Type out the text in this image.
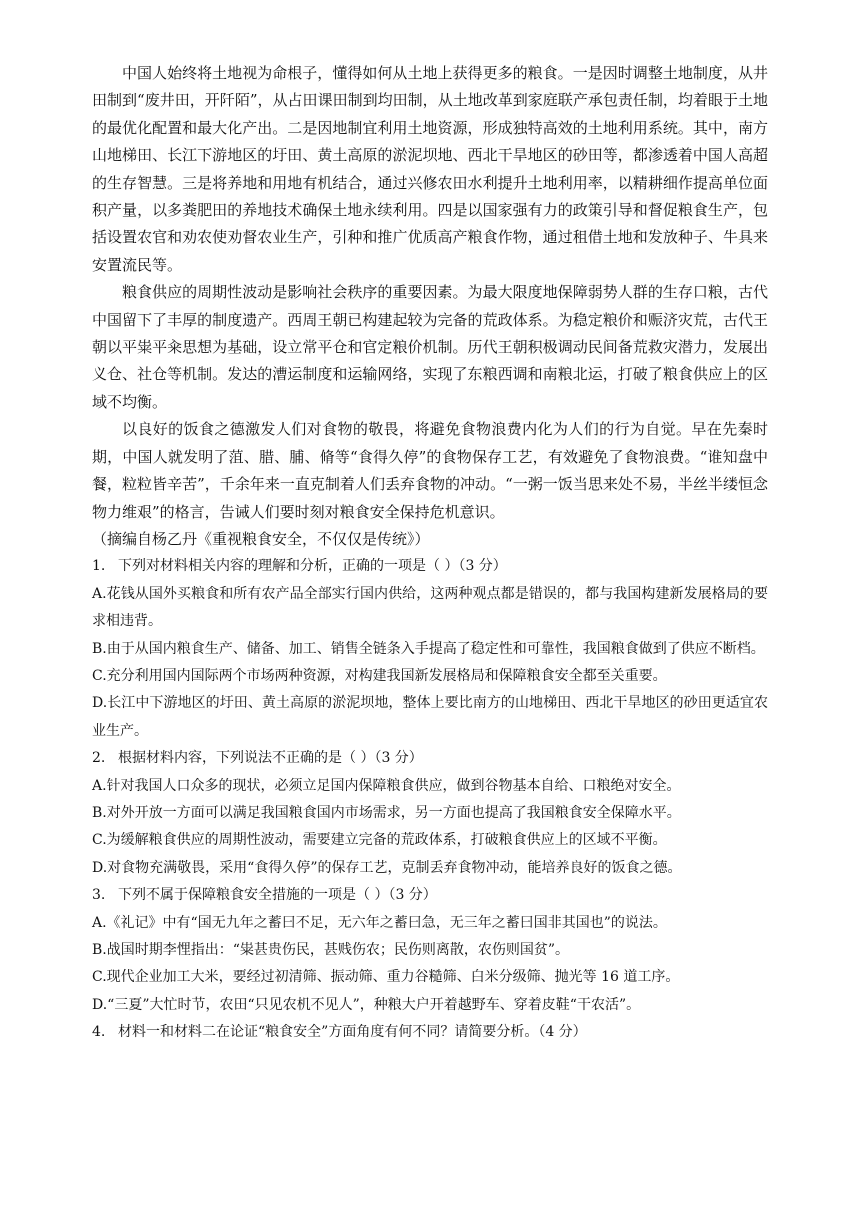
中国人始终将土地视为命根子，懂得如何从土地上获得更多的粮食。一是因时调整土地制度，从井田制到“废井田，开阡陌”，从占田课田制到均田制，从土地改革到家庭联产承包责任制，均着眼于土地的最优化配置和最大化产出。二是因地制宜利用土地资源，形成独特高效的土地利用系统。其中，南方山地梯田、长江下游地区的圩田、黄土高原的淤泥坝地、西北干旱地区的砂田等，都渗透着中国人高超的生存智慧。三是将养地和用地有机结合，通过兴修农田水利提升土地利用率，以精耕细作提高单位面积产量，以多粪肥田的养地技术确保土地永续利用。四是以国家强有力的政策引导和督促粮食生产，包括设置农官和劝农使劝督农业生产，引种和推广优质高产粮食作物，通过租借土地和发放种子、牛具来安置流民等。

粮食供应的周期性波动是影响社会秩序的重要因素。为最大限度地保障弱势人群的生存口粮，古代中国留下了丰厚的制度遗产。西周王朝已构建起较为完备的荒政体系。为稳定粮价和赈济灾荒，古代王朝以平粜平籴思想为基础，设立常平仓和官定粮价机制。历代王朝积极调动民间备荒救灾潜力，发展出义仓、社仓等机制。发达的漕运制度和运输网络，实现了东粮西调和南粮北运，打破了粮食供应上的区域不均衡。

以良好的饭食之德激发人们对食物的敬畏，将避免食物浪费内化为人们的行为自觉。早在先秦时期，中国人就发明了菹、腊、脯、脩等“食得久停”的食物保存工艺，有效避免了食物浪费。“谁知盘中餐，粒粒皆辛苦”，千余年来一直克制着人们丢弃食物的冲动。“一粥一饭当思来处不易，半丝半缕恒念物力维艰”的格言，告诫人们要时刻对粮食安全保持危机意识。

（摘编自杨乙丹《重视粮食安全，不仅仅是传统》）

1. 下列对材料相关内容的理解和分析，正确的一项是（ ）（3 分）

A.花钱从国外买粮食和所有农产品全部实行国内供给，这两种观点都是错误的，都与我国构建新发展格局的要求相违背。

B.由于从国内粮食生产、储备、加工、销售全链条入手提高了稳定性和可靠性，我国粮食做到了供应不断档。

C.充分利用国内国际两个市场两种资源，对构建我国新发展格局和保障粮食安全都至关重要。

D.长江中下游地区的圩田、黄土高原的淤泥坝地，整体上要比南方的山地梯田、西北干旱地区的砂田更适宜农业生产。

2. 根据材料内容，下列说法不正确的是（ ）（3 分）

A.针对我国人口众多的现状，必须立足国内保障粮食供应，做到谷物基本自给、口粮绝对安全。

B.对外开放一方面可以满足我国粮食国内市场需求，另一方面也提高了我国粮食安全保障水平。

C.为缓解粮食供应的周期性波动，需要建立完备的荒政体系，打破粮食供应上的区域不平衡。

D.对食物充满敬畏，采用“食得久停”的保存工艺，克制丢弃食物冲动，能培养良好的饭食之德。

3. 下列不属于保障粮食安全措施的一项是（ ）（3 分）

A.《礼记》中有“国无九年之蓄曰不足，无六年之蓄曰急，无三年之蓄曰国非其国也”的说法。

B.战国时期李悝指出：“粜甚贵伤民，甚贱伤农；民伤则离散，农伤则国贫”。

C.现代企业加工大米，要经过初清筛、振动筛、重力谷糙筛、白米分级筛、抛光等 16 道工序。

D.“三夏”大忙时节，农田“只见农机不见人”，种粮大户开着越野车、穿着皮鞋“干农活”。

4. 材料一和材料二在论证“粮食安全”方面角度有何不同？请简要分析。（4 分）
